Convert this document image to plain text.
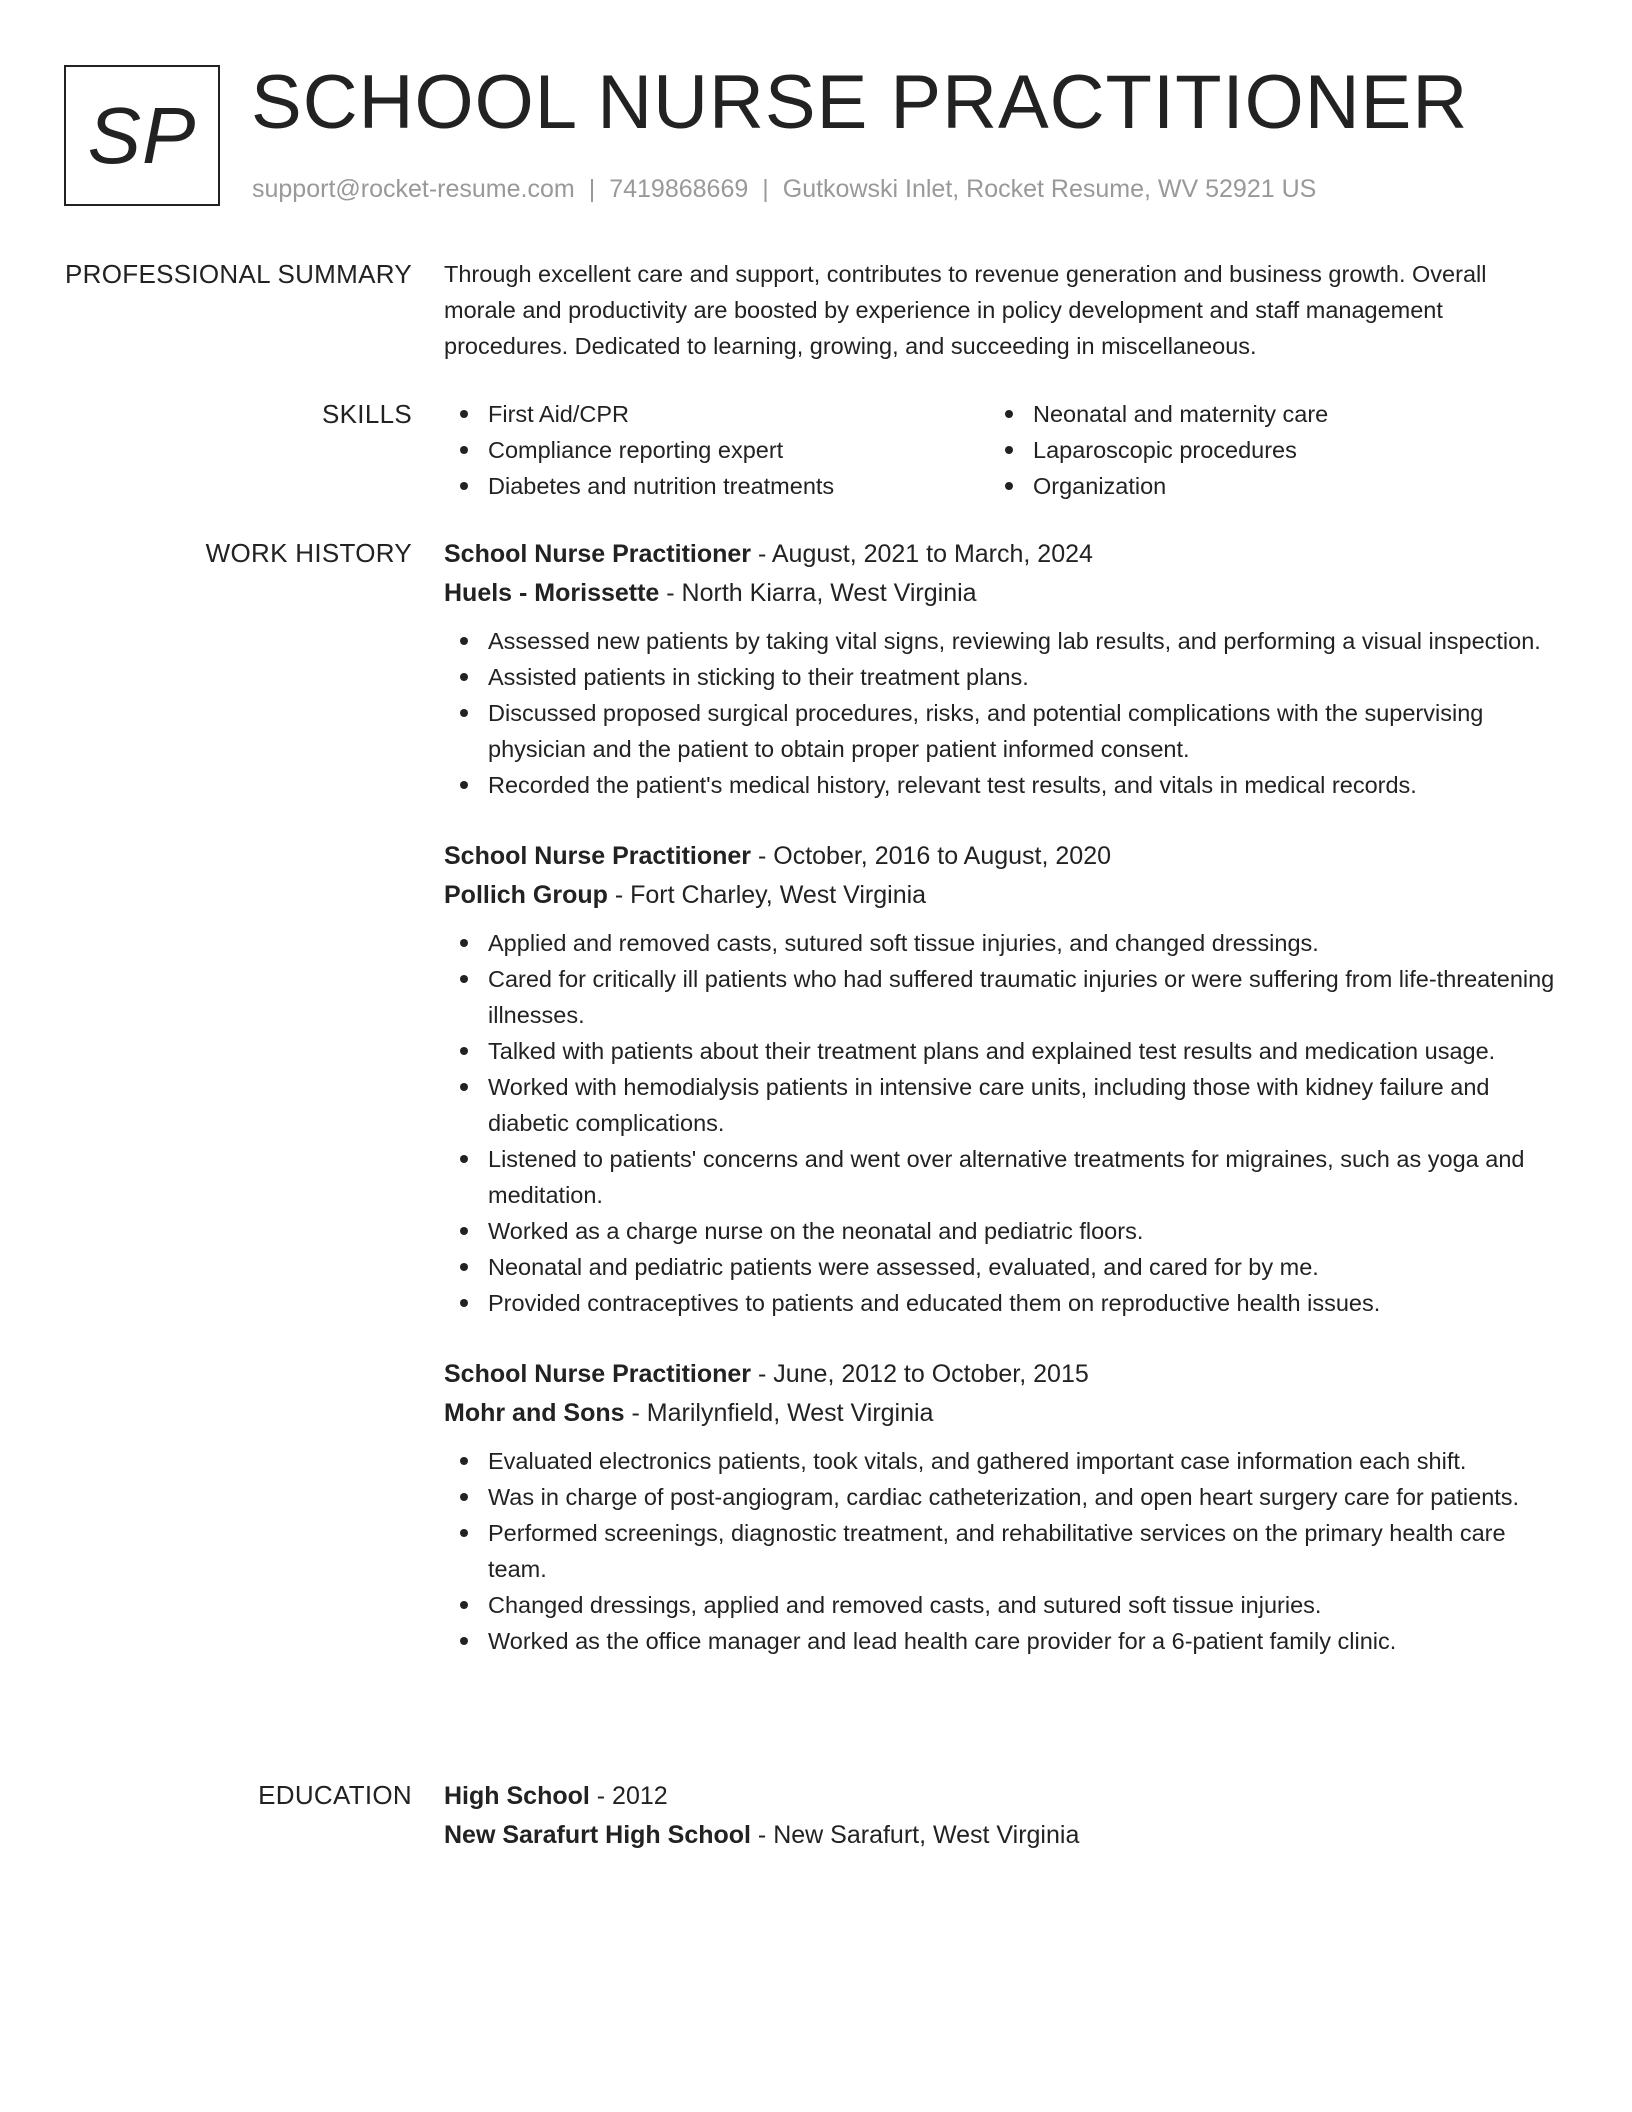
SP SCHOOL NURSE PRACTITIONER
support@rocket-resume.com | 7419868669 | Gutkowski Inlet, Rocket Resume, WV 52921 US
PROFESSIONAL SUMMARY Through excellent care and support, contributes to revenue generation and business growth. Overall morale and productivity are boosted by experience in policy development and staff management procedures. Dedicated to learning, growing, and succeeding in miscellaneous.

SKILLS	First Aid/CPR
Compliance reporting expert
Diabetes and nutrition treatments
Neonatal and maternity care
Laparoscopic procedures
Organization
WORK HISTORY School Nurse Practitioner - August, 2021 to March, 2024
Huels - Morissette - North Kiarra, West Virginia
Assessed new patients by taking vital signs, reviewing lab results, and performing a visual inspection.
Assisted patients in sticking to their treatment plans.
Discussed proposed surgical procedures, risks, and potential complications with the supervising physician and the patient to obtain proper patient informed consent.
Recorded the patient's medical history, relevant test results, and vitals in medical records.
School Nurse Practitioner - October, 2016 to August, 2020
Pollich Group - Fort Charley, West Virginia
Applied and removed casts, sutured soft tissue injuries, and changed dressings.
Cared for critically ill patients who had suffered traumatic injuries or were suffering from life-threatening illnesses.
Talked with patients about their treatment plans and explained test results and medication usage.
Worked with hemodialysis patients in intensive care units, including those with kidney failure and diabetic complications.
Listened to patients' concerns and went over alternative treatments for migraines, such as yoga and meditation.
Worked as a charge nurse on the neonatal and pediatric floors.
Neonatal and pediatric patients were assessed, evaluated, and cared for by me.
Provided contraceptives to patients and educated them on reproductive health issues.
School Nurse Practitioner - June, 2012 to October, 2015
Mohr and Sons - Marilynfield, West Virginia
Evaluated electronics patients, took vitals, and gathered important case information each shift.
Was in charge of post-angiogram, cardiac catheterization, and open heart surgery care for patients.
Performed screenings, diagnostic treatment, and rehabilitative services on the primary health care team.
Changed dressings, applied and removed casts, and sutured soft tissue injuries.
Worked as the office manager and lead health care provider for a 6-patient family clinic.
EDUCATION High School - 2012
New Sarafurt High School - New Sarafurt, West Virginia
